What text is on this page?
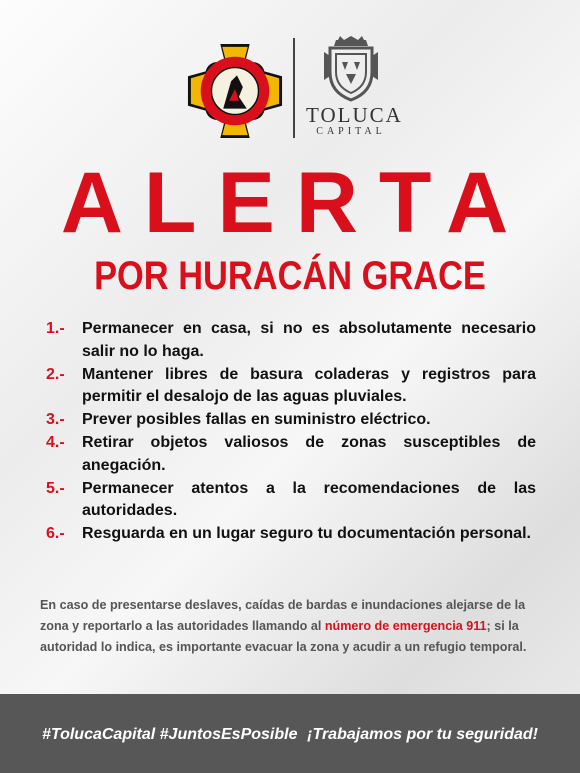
TOLUCA
CAPITAL
ALERTA
POR HURACÁN GRACE
1.- Permanecer en casa, si no es absolutamente necesario salir no lo haga.
2.- Mantener libres de basura coladeras y registros para permitir el desalojo de las aguas pluviales.
3.- Prever posibles fallas en suministro eléctrico.
4.- Retirar objetos valiosos de zonas susceptibles de anegación.
5.- Permanecer atentos a la recomendaciones de las autoridades.
6.- Resguarda en un lugar seguro tu documentación personal.

En caso de presentarse deslaves, caídas de bardas e inundaciones alejarse de la zona y reportarlo a las autoridades llamando al número de emergencia 911; si la autoridad lo indica, es importante evacuar la zona y acudir a un refugio temporal.

#TolucaCapital #JuntosEsPosible ¡Trabajamos por tu seguridad!
